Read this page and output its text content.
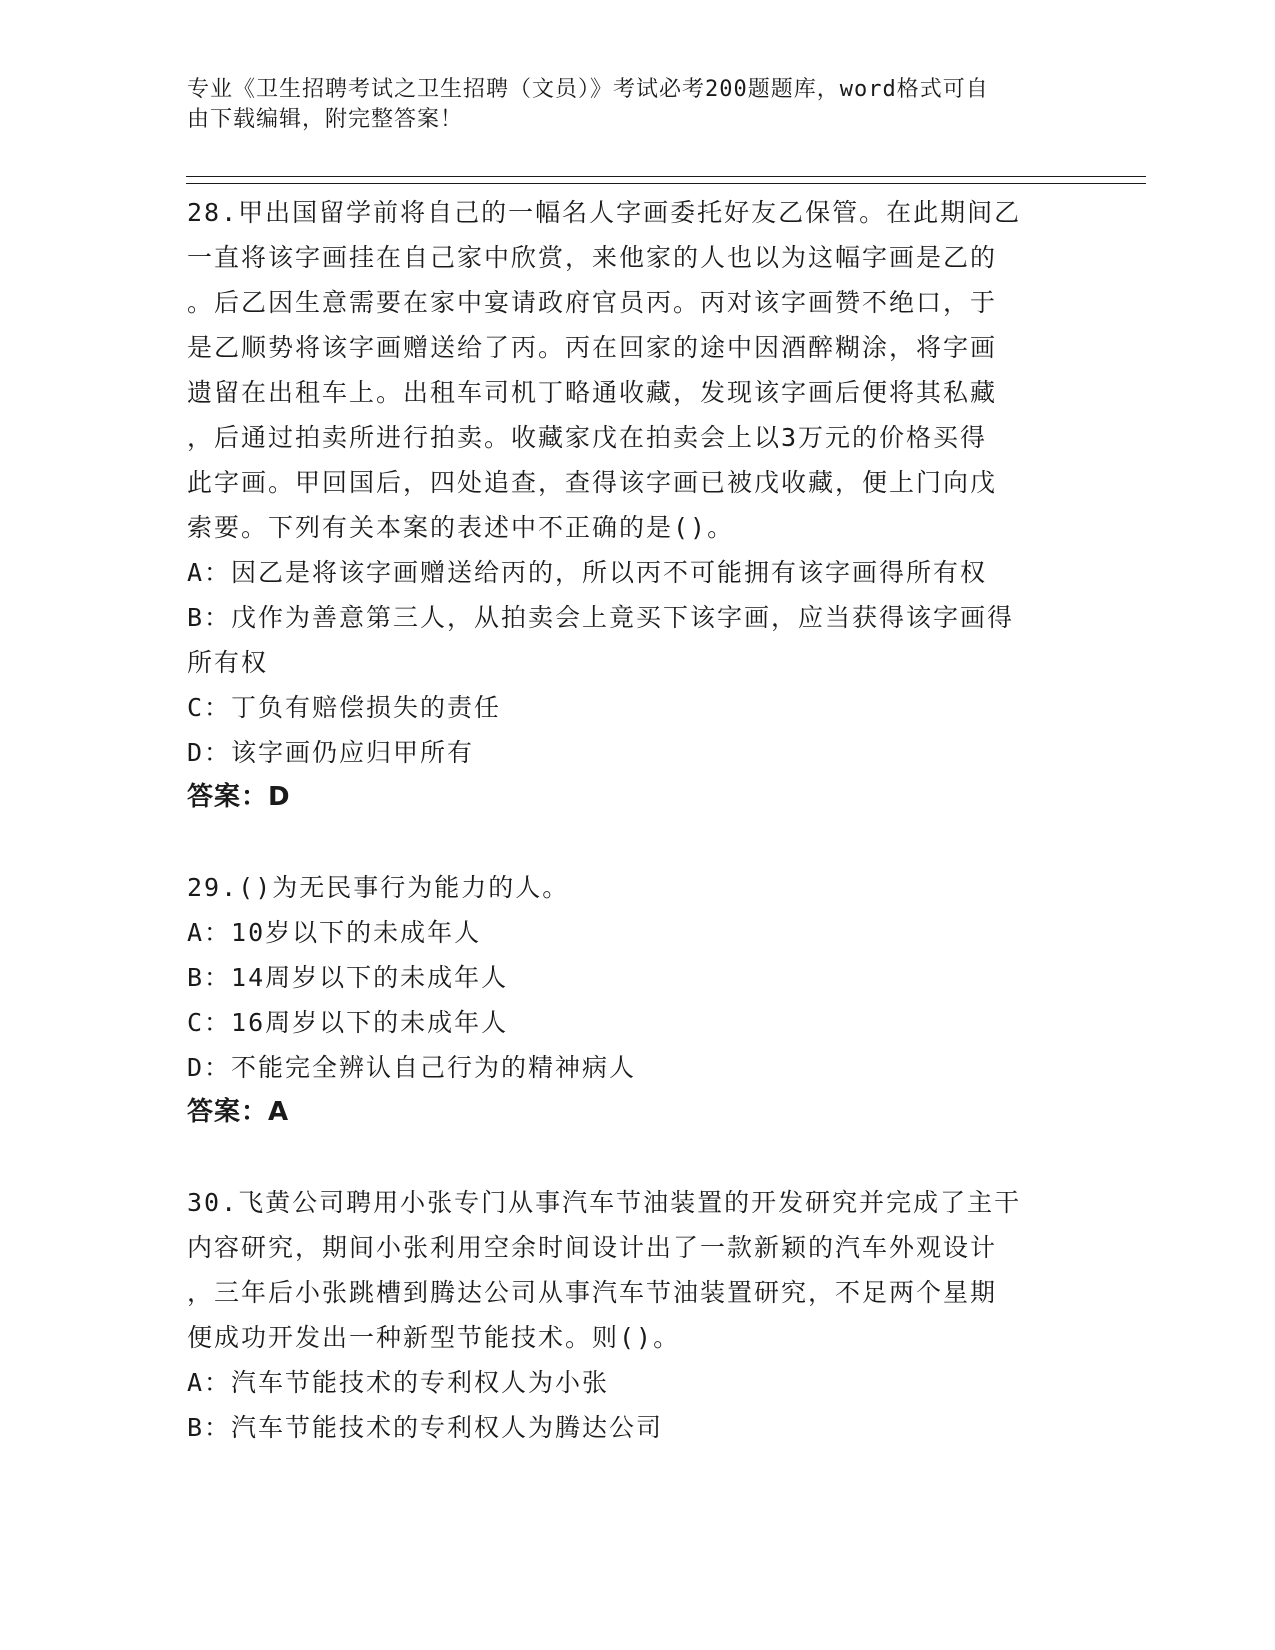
专业《卫生招聘考试之卫生招聘（文员）》考试必考200题题库，word格式可自
由下载编辑，附完整答案！
28.甲出国留学前将自己的一幅名人字画委托好友乙保管。在此期间乙
一直将该字画挂在自己家中欣赏，来他家的人也以为这幅字画是乙的
。后乙因生意需要在家中宴请政府官员丙。丙对该字画赞不绝口，于
是乙顺势将该字画赠送给了丙。丙在回家的途中因酒醉糊涂，将字画
遗留在出租车上。出租车司机丁略通收藏，发现该字画后便将其私藏
，后通过拍卖所进行拍卖。收藏家戊在拍卖会上以3万元的价格买得
此字画。甲回国后，四处追查，查得该字画已被戊收藏，便上门向戊
索要。下列有关本案的表述中不正确的是()。
A：因乙是将该字画赠送给丙的，所以丙不可能拥有该字画得所有权
B：戊作为善意第三人，从拍卖会上竟买下该字画，应当获得该字画得
所有权
C：丁负有赔偿损失的责任
D：该字画仍应归甲所有
答案：D
29.()为无民事行为能力的人。
A：10岁以下的未成年人
B：14周岁以下的未成年人
C：16周岁以下的未成年人
D：不能完全辨认自己行为的精神病人
答案：A
30.飞黄公司聘用小张专门从事汽车节油装置的开发研究并完成了主干
内容研究，期间小张利用空余时间设计出了一款新颖的汽车外观设计
，三年后小张跳槽到腾达公司从事汽车节油装置研究，不足两个星期
便成功开发出一种新型节能技术。则()。
A：汽车节能技术的专利权人为小张
B：汽车节能技术的专利权人为腾达公司
